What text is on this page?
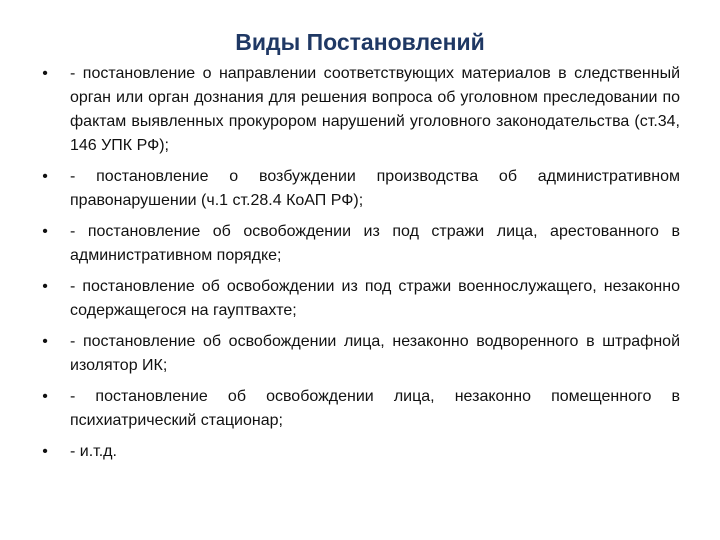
Виды Постановлений
• - постановление о направлении соответствующих материалов в следственный орган или орган дознания для решения вопроса об уголовном преследовании по фактам выявленных прокурором нарушений уголовного законодательства (ст.34, 146 УПК РФ);
• - постановление о возбуждении производства об административном правонарушении (ч.1 ст.28.4 КоАП РФ);
• - постановление об освобождении из под стражи лица, арестованного в административном порядке;
• - постановление об освобождении из под стражи военнослужащего, незаконно содержащегося на гауптвахте;
• - постановление об освобождении лица, незаконно водворенного в штрафной изолятор ИК;
• - постановление об освобождении лица, незаконно помещенного в психиатрический стационар;
• - и.т.д.
